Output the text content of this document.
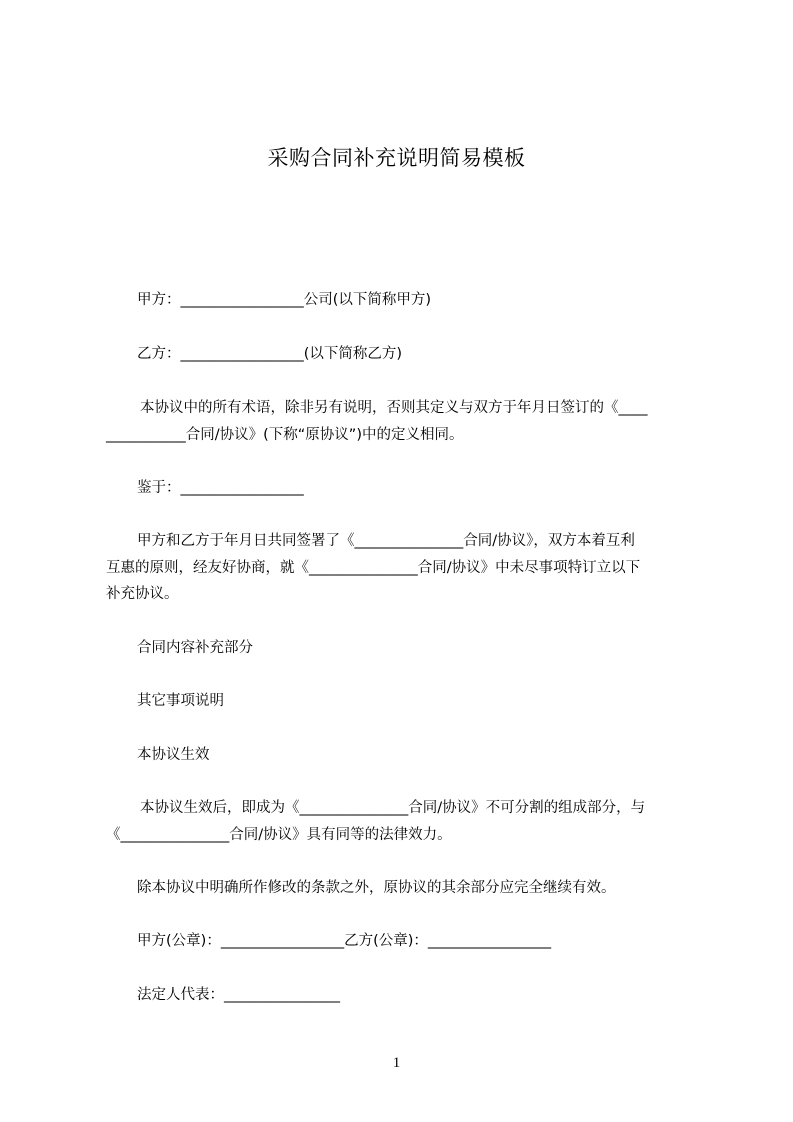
采购合同补充说明简易模板
甲方：_________________公司(以下简称甲方)
乙方：_________________(以下简称乙方)
本协议中的所有术语，除非另有说明，否则其定义与双方于年月日签订的《____
___________合同/协议》(下称“原协议”)中的定义相同。
鉴于：_________________
甲方和乙方于年月日共同签署了《_______________合同/协议》，双方本着互利
互惠的原则，经友好协商，就《_______________合同/协议》中未尽事项特订立以下
补充协议。
合同内容补充部分
其它事项说明
本协议生效
本协议生效后，即成为《_______________合同/协议》不可分割的组成部分，与
《_______________合同/协议》具有同等的法律效力。
除本协议中明确所作修改的条款之外，原协议的其余部分应完全继续有效。
甲方(公章)：_________________乙方(公章)：_________________
法定人代表：________________
1
